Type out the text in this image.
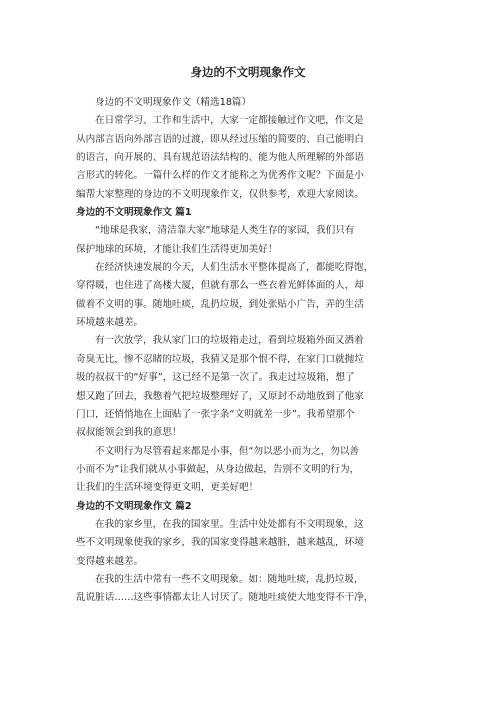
身边的不文明现象作文
身边的不文明现象作文（精选18篇）
在日常学习、工作和生活中，大家一定都接触过作文吧，作文是
从内部言语向外部言语的过渡，即从经过压缩的简要的、自己能明白
的语言，向开展的、具有规范语法结构的、能为他人所理解的外部语
言形式的转化。一篇什么样的作文才能称之为优秀作文呢？下面是小
编帮大家整理的身边的不文明现象作文，仅供参考，欢迎大家阅读。
身边的不文明现象作文 篇1
“地球是我家，清洁靠大家”地球是人类生存的家园，我们只有
保护地球的环境，才能让我们生活得更加美好！
在经济快速发展的今天，人们生活水平整体提高了，都能吃得饱，
穿得暖，也住进了高楼大厦，但就有那么一些衣着光鲜体面的人，却
做着不文明的事。随地吐痰，乱扔垃圾，到处张贴小广告，弄的生活
环境越来越差。
有一次放学，我从家门口的垃圾箱走过，看到垃圾箱外面又洒着
奇臭无比，惨不忍睹的垃圾，我猜又是那个恨不得，在家门口就抛垃
圾的叔叔干的“好事”，这已经不是第一次了。我走过垃圾箱，想了
想又跑了回去，我憋着气把垃圾整理好了，又原封不动地放到了他家
门口，还悄悄地在上面贴了一张字条“文明就差一步”。我希望那个
叔叔能领会到我的意思！
不文明行为尽管看起来都是小事，但“勿以恶小而为之，勿以善
小而不为”让我们就从小事做起，从身边做起，告别不文明的行为，
让我们的生活环境变得更文明，更美好吧！
身边的不文明现象作文 篇2
在我的家乡里，在我的国家里。生活中处处都有不文明现象，这
些不文明现象使我的家乡，我的国家变得越来越脏，越来越乱，环境
变得越来越差。
在我的生活中常有一些不文明现象。如：随地吐痰，乱扔垃圾，
乱说脏话……这些事情都太让人讨厌了。随地吐痰使大地变得不干净，
